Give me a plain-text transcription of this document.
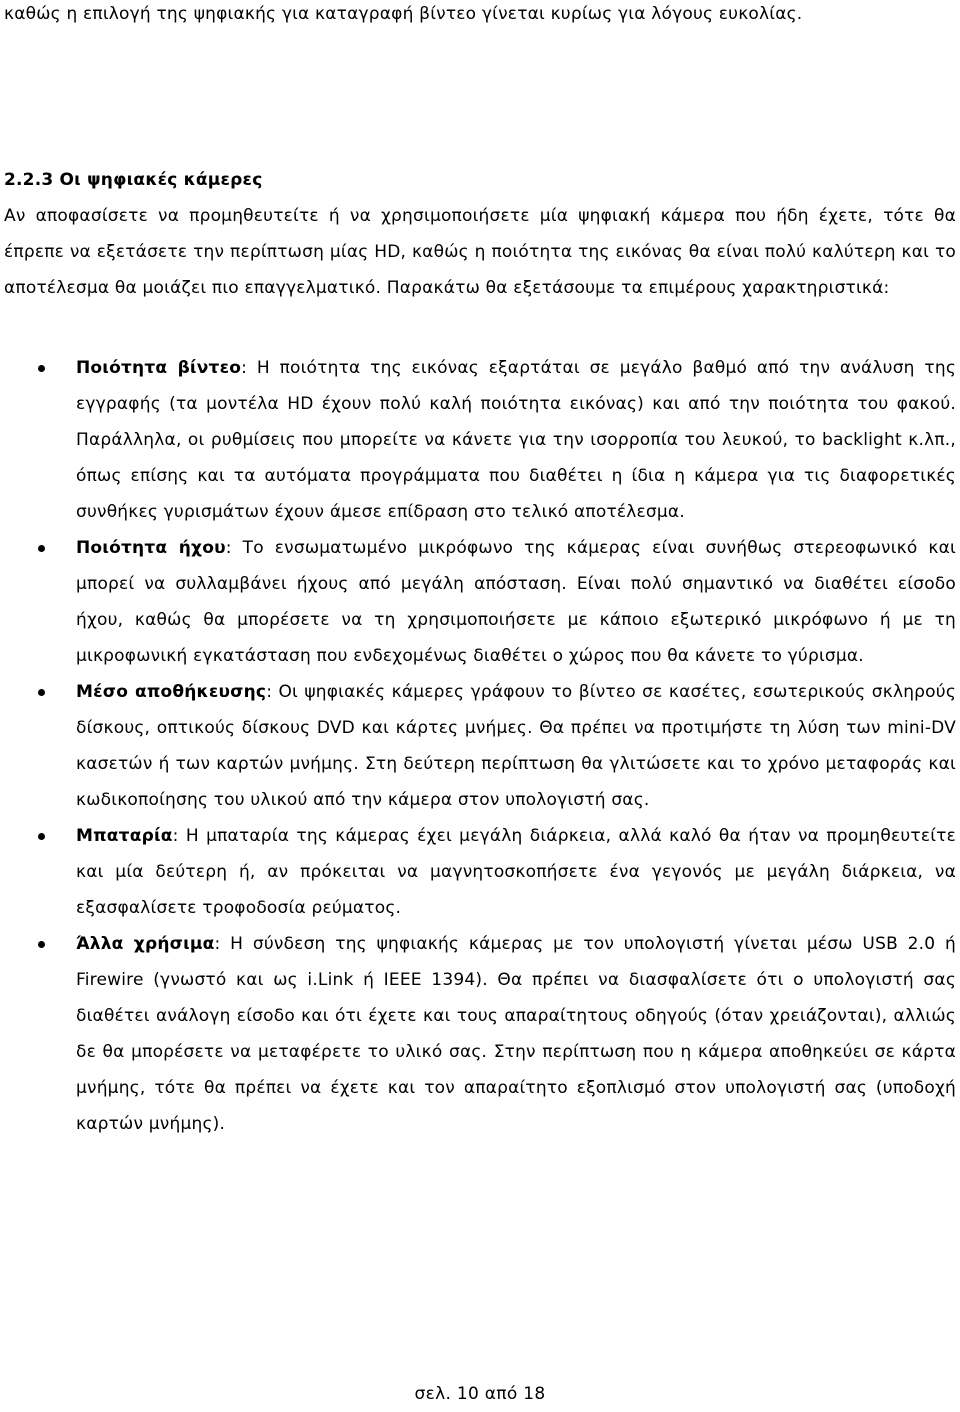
καθώς η επιλογή της ψηφιακής για καταγραφή βίντεο γίνεται κυρίως για λόγους ευκολίας.

2.2.3 Οι ψηφιακές κάμερες

Αν αποφασίσετε να προμηθευτείτε ή να χρησιμοποιήσετε μία ψηφιακή κάμερα που ήδη έχετε, τότε θα έπρεπε να εξετάσετε την περίπτωση μίας HD, καθώς η ποιότητα της εικόνας θα είναι πολύ καλύτερη και το αποτέλεσμα θα μοιάζει πιο επαγγελματικό. Παρακάτω θα εξετάσουμε τα επιμέρους χαρακτηριστικά:

Ποιότητα βίντεο: Η ποιότητα της εικόνας εξαρτάται σε μεγάλο βαθμό από την ανάλυση της εγγραφής (τα μοντέλα HD έχουν πολύ καλή ποιότητα εικόνας) και από την ποιότητα του φακού. Παράλληλα, οι ρυθμίσεις που μπορείτε να κάνετε για την ισορροπία του λευκού, το backlight κ.λπ., όπως επίσης και τα αυτόματα προγράμματα που διαθέτει η ίδια η κάμερα για τις διαφορετικές συνθήκες γυρισμάτων έχουν άμεσε επίδραση στο τελικό αποτέλεσμα.
Ποιότητα ήχου: Το ενσωματωμένο μικρόφωνο της κάμερας είναι συνήθως στερεοφωνικό και μπορεί να συλλαμβάνει ήχους από μεγάλη απόσταση. Είναι πολύ σημαντικό να διαθέτει είσοδο ήχου, καθώς θα μπορέσετε να τη χρησιμοποιήσετε με κάποιο εξωτερικό μικρόφωνο ή με τη μικροφωνική εγκατάσταση που ενδεχομένως διαθέτει ο χώρος που θα κάνετε το γύρισμα.
Μέσο αποθήκευσης: Οι ψηφιακές κάμερες γράφουν το βίντεο σε κασέτες, εσωτερικούς σκληρούς δίσκους, οπτικούς δίσκους DVD και κάρτες μνήμες. Θα πρέπει να προτιμήστε τη λύση των mini-DV κασετών ή των καρτών μνήμης. Στη δεύτερη περίπτωση θα γλιτώσετε και το χρόνο μεταφοράς και κωδικοποίησης του υλικού από την κάμερα στον υπολογιστή σας.
Μπαταρία: Η μπαταρία της κάμερας έχει μεγάλη διάρκεια, αλλά καλό θα ήταν να προμηθευτείτε και μία δεύτερη ή, αν πρόκειται να μαγνητοσκοπήσετε ένα γεγονός με μεγάλη διάρκεια, να εξασφαλίσετε τροφοδοσία ρεύματος.
Άλλα χρήσιμα: Η σύνδεση της ψηφιακής κάμερας με τον υπολογιστή γίνεται μέσω USB 2.0 ή Firewire (γνωστό και ως i.Link ή IEEE 1394). Θα πρέπει να διασφαλίσετε ότι ο υπολογιστή σας διαθέτει ανάλογη είσοδο και ότι έχετε και τους απαραίτητους οδηγούς (όταν χρειάζονται), αλλιώς δε θα μπορέσετε να μεταφέρετε το υλικό σας. Στην περίπτωση που η κάμερα αποθηκεύει σε κάρτα μνήμης, τότε θα πρέπει να έχετε και τον απαραίτητο εξοπλισμό στον υπολογιστή σας (υποδοχή καρτών μνήμης).
σελ. 10 από 18
